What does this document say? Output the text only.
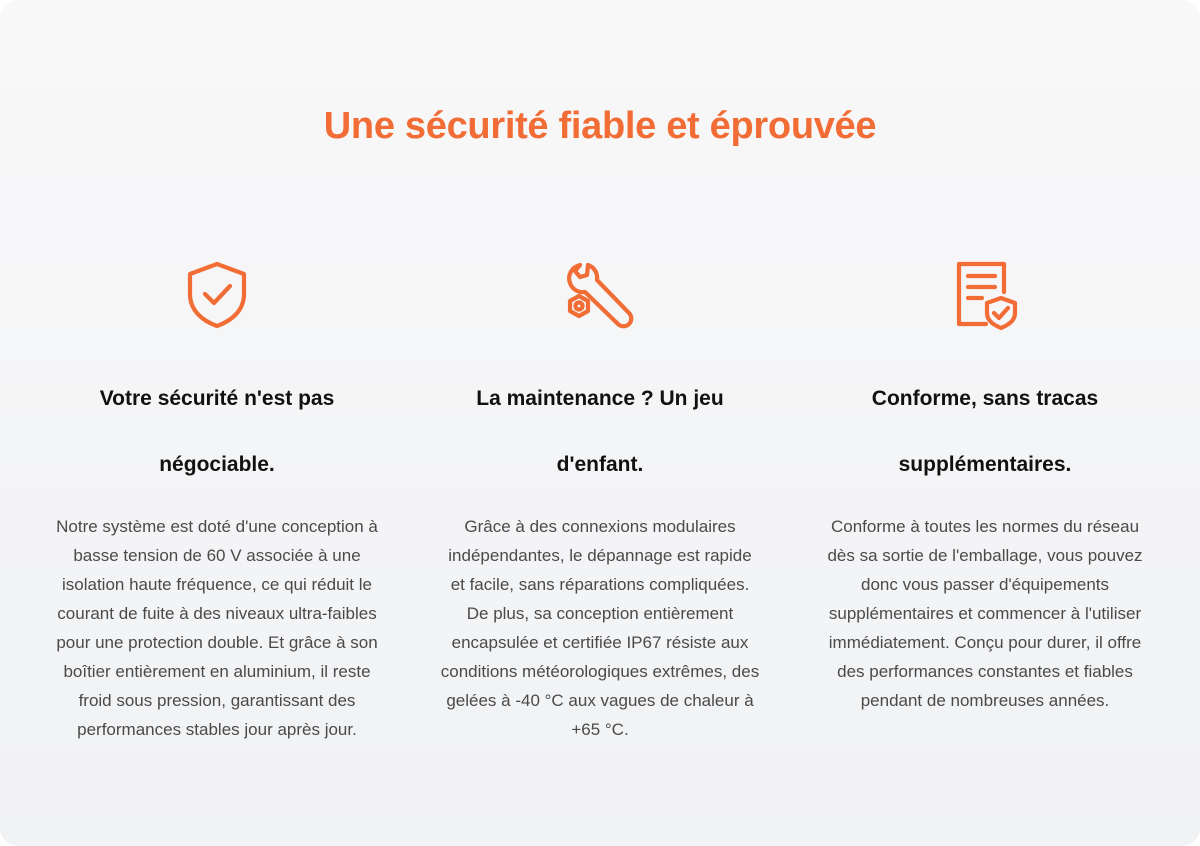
Une sécurité fiable et éprouvée
Votre sécurité n'est pas négociable.

Notre système est doté d'une conception à basse tension de 60 V associée à une isolation haute fréquence, ce qui réduit le courant de fuite à des niveaux ultra-faibles pour une protection double. Et grâce à son boîtier entièrement en aluminium, il reste froid sous pression, garantissant des performances stables jour après jour.

La maintenance ? Un jeu d'enfant.

Grâce à des connexions modulaires indépendantes, le dépannage est rapide et facile, sans réparations compliquées. De plus, sa conception entièrement encapsulée et certifiée IP67 résiste aux conditions météorologiques extrêmes, des gelées à -40 °C aux vagues de chaleur à +65 °C.

Conforme, sans tracas supplémentaires.

Conforme à toutes les normes du réseau dès sa sortie de l'emballage, vous pouvez donc vous passer d'équipements supplémentaires et commencer à l'utiliser immédiatement. Conçu pour durer, il offre des performances constantes et fiables pendant de nombreuses années.
